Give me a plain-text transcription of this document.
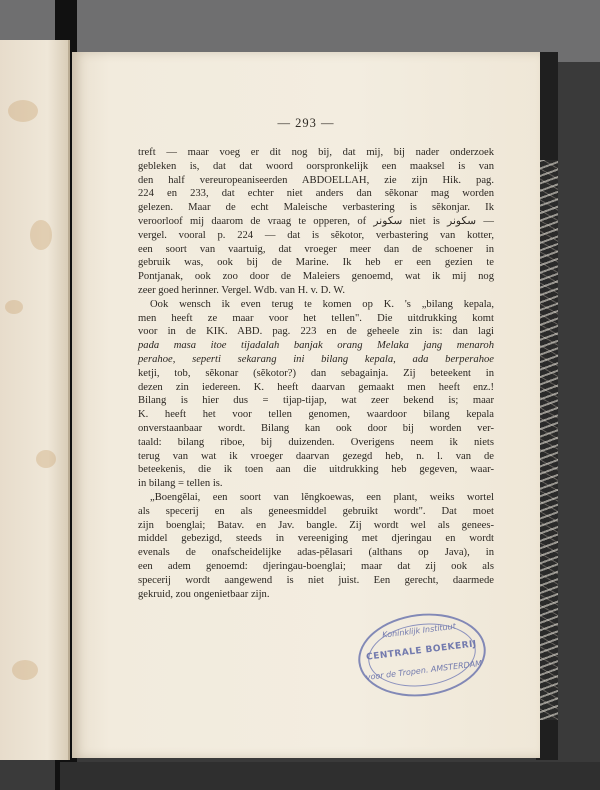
— 293 —
treft — maar voeg er dit nog bij, dat mij, bij nader onderzoek
gebleken is, dat dat woord oorspronkelijk een maaksel is van
den half vereuropeaniseerden ABDOELLAH, zie zijn Hik. pag.
224 en 233, dat echter niet anders dan sĕkonar mag worden
gelezen. Maar de echt Maleische verbastering is sĕkonjar. Ik
veroorloof mij daarom de vraag te opperen, of سكونر niet is سكونر —
vergel. vooral p. 224 — dat is sĕkotor, verbastering van kotter,
een soort van vaartuig, dat vroeger meer dan de schoener in
gebruik was, ook bij de Marine. Ik heb er een gezien te
Pontjanak, ook zoo door de Maleiers genoemd, wat ik mij nog
zeer goed herinner. Vergel. Wdb. van H. v. D. W.
Ook wensch ik even terug te komen op K. 's „bilang kepala,
men heeft ze maar voor het tellen". Die uitdrukking komt
voor in de KIK. ABD. pag. 223 en de geheele zin is: dan lagi
pada masa itoe tijadalah banjak orang Melaka jang menaroh
perahoe, seperti sekarang ini bilang kepala, ada berperahoe
ketji, tob, sĕkonar (sĕkotor?) dan sebagainja. Zij beteekent in
dezen zin iedereen. K. heeft daarvan gemaakt men heeft enz.!
Bilang is hier dus = tijap-tijap, wat zeer bekend is; maar
K. heeft het voor tellen genomen, waardoor bilang kepala
onverstaanbaar wordt. Bilang kan ook door bij worden ver-
taald: bilang riboe, bij duizenden. Overigens neem ik niets
terug van wat ik vroeger daarvan gezegd heb, n. l. van de
beteekenis, die ik toen aan die uitdrukking heb gegeven, waar-
in bilang = tellen is.
„Boengĕlai, een soort van lĕngkoewas, een plant, weiks wortel
als specerij en als geneesmiddel gebruikt wordt". Dat moet
zijn boenglai; Batav. en Jav. bangle. Zij wordt wel als genees-
middel gebezigd, steeds in vereeniging met djeringau en wordt
evenals de onafscheidelijke adas-pĕlasari (althans op Java), in
een adem genoemd: djeringau-boenglai; maar dat zij ook als
specerij wordt aangewend is niet juist. Een gerecht, daarmede
gekruid, zou ongenietbaar zijn.
Koninklijk Instituut
CENTRALE BOEKERIJ
voor de Tropen. AMSTERDAM
